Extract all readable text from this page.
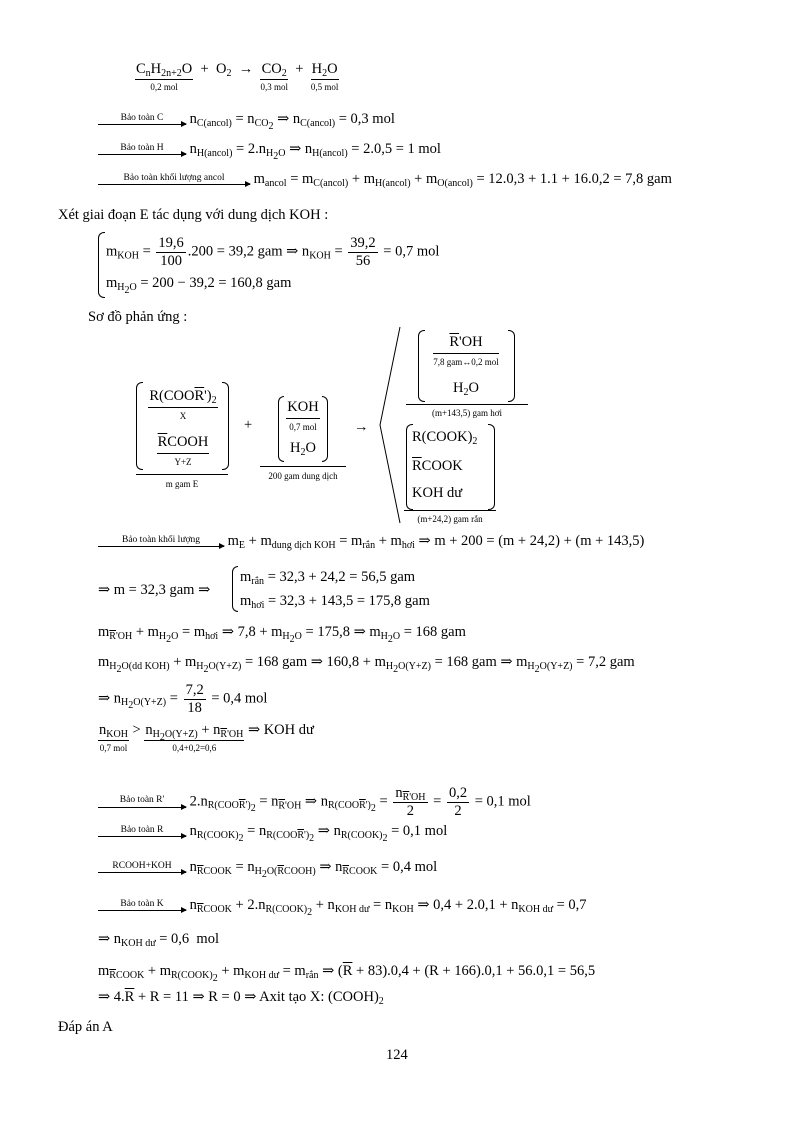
$C_nH_{2n+2}O$
0,2 mol
+  $O_2 \to CO_2$
0,3 mol
+ $H_2O$
0,5 mol
Bảo toàn C	$n_{C(ancol)} = n_{CO_2}$ ⇒ $n_{C(ancol)} = 0,3$ mol
Bảo toàn H	$n_{H(ancol)} = 2.n_{H_2O}$ ⇒ $n_{H(ancol)} = 2.0,5 = 1$ mol
Bảo toàn khối lượng ancol	$m_{ancol} = m_{C(ancol)} + m_{H(ancol)} + m_{O(ancol)} = 12.0,3 + 1.1 + 16.0,2 = 7,8$ gam
Xét giai đoạn E tác dụng với dung dịch KOH :
$m_{KOH} = \frac{19,6}{100} .200 = 39,2$ gam ⇒ $n_{KOH} = \frac{39,2}{56} = 0,7$ mol
$m_{H_2O} = 200 - 39,2 = 160,8$ gam
Sơ đồ phản ứng :
$R(COO\overline{R}')_2$
X
$\overline{R}COOH$
Y+Z
m gam E
+
KOH
0,7 mol
$H_2O$
200 gam dung dịch
→
$\overline{R}'OH$
7,8 gam↔0,2 mol
$H_2O$
(m+143,5) gam hơi
$R(COOK)_2$
$\overline{R}COOK$
KOH dư
(m+24,2) gam rắn
Bảo toàn khối lượng	$m_E + m_{dung dịch KOH} = m_{rắn} + m_{hơi}$ ⇒ m + 200 = (m + 24,2) + (m + 143,5)
⇒ m = 32,3 gam ⇒
$m_{rắn} = 32,3 + 24,2 = 56,5$ gam
$m_{hơi} = 32,3 + 143,5 = 175,8$ gam
$m_{\overline{R}'OH} + m_{H_2O} = m_{hơi}$ ⇒ $7,8 + m_{H_2O} = 175,8$ ⇒ $m_{H_2O} = 168$ gam
$m_{H_2O(dd KOH)} + m_{H_2O(Y+Z)} = 168$ gam ⇒ $160,8 + m_{H_2O(Y+Z)} = 168$ gam ⇒ $m_{H_2O(Y+Z)} = 7,2$ gam
⇒ $n_{H_2O(Y+Z)} = \frac{7,2}{18} = 0,4$ mol
$n_{KOH}$
0,7 mol
> $n_{H_2O(Y+Z)} + n_{\overline{R}'OH}$
0,4+0,2=0,6
⇒ KOH dư
Bảo toàn R'	$2.n_{R(COO\overline{R}')_2} = n_{\overline{R}'OH}$ ⇒ $n_{R(COO\overline{R}')_2} = \frac{n_{\overline{R}'OH}}{2} = \frac{0,2}{2} = 0,1$ mol
Bảo toàn R	$n_{R(COOK)_2} = n_{R(COO\overline{R}')_2}$ ⇒ $n_{R(COOK)_2} = 0,1$ mol
RCOOH+KOH $n_{\overline{R}COOK} = n_{H_2O(\overline{R}COOH)}$ ⇒ $n_{\overline{R}COOK} = 0,4$ mol
Bảo toàn K	$n_{\overline{R}COOK} + 2.n_{R(COOK)_2} + n_{KOH dư} = n_{KOH}$ ⇒ $0,4 + 2.0,1 + n_{KOH dư} = 0,7$
⇒ $n_{KOH dư} = 0,6$  mol
$m_{\overline{R}COOK} + m_{R(COOK)_2} + m_{KOH dư} = m_{rắn}$ ⇒ $(\overline{R} + 83).0,4 + (R + 166).0,1 + 56.0,1 = 56,5$
⇒ $4.\overline{R} + R = 11$ ⇒ R = 0 ⇒ Axit tạo X: $(COOH)_2$
Đáp án A
124
